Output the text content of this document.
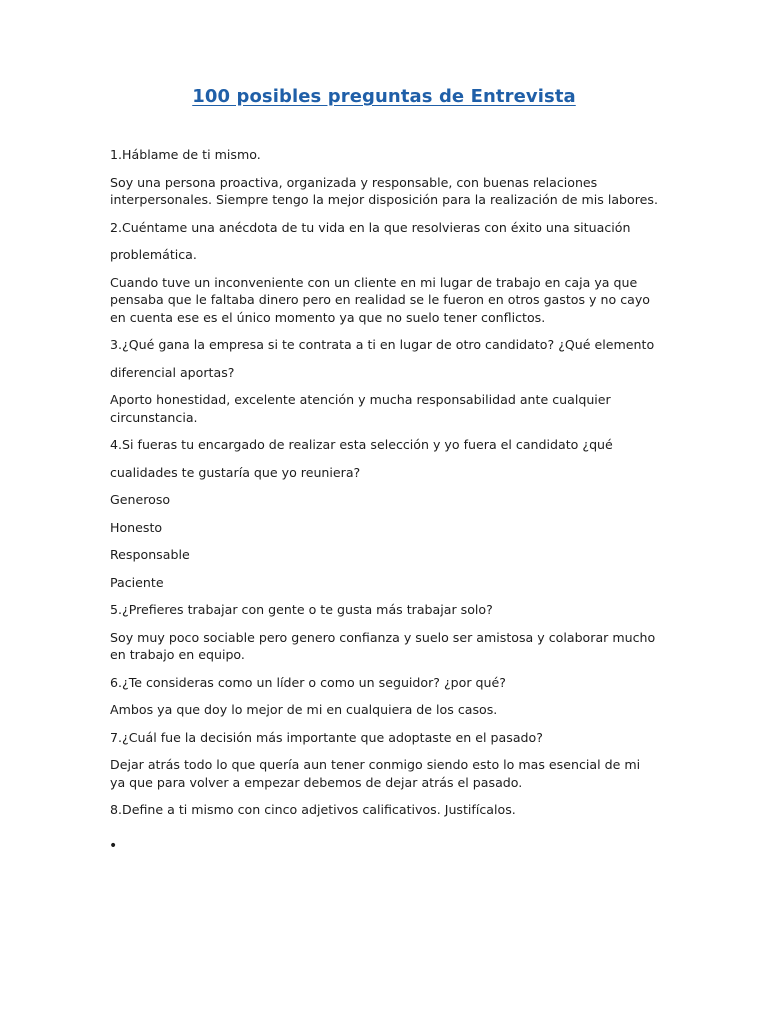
100 posibles preguntas de Entrevista

1.Háblame de ti mismo.

Soy una persona proactiva, organizada y responsable, con buenas relaciones interpersonales. Siempre tengo la mejor disposición para la realización de mis labores.

2.Cuéntame una anécdota de tu vida en la que resolvieras con éxito una situación

problemática.

Cuando tuve un inconveniente con un cliente en mi lugar de trabajo en caja ya que pensaba que le faltaba dinero pero en realidad se le fueron en otros gastos y no cayo en cuenta ese es el único momento ya que no suelo tener conflictos.

3.¿Qué gana la empresa si te contrata a ti en lugar de otro candidato? ¿Qué elemento

diferencial aportas?

Aporto honestidad, excelente atención y mucha responsabilidad ante cualquier circunstancia.

4.Si fueras tu encargado de realizar esta selección y yo fuera el candidato ¿qué

cualidades te gustaría que yo reuniera?

Generoso

Honesto

Responsable

Paciente

5.¿Prefieres trabajar con gente o te gusta más trabajar solo?

Soy muy poco sociable pero genero confianza y suelo ser amistosa y colaborar mucho en trabajo en equipo.

6.¿Te consideras como un líder o como un seguidor? ¿por qué?

Ambos ya que doy lo mejor de mi en cualquiera de los casos.

7.¿Cuál fue la decisión más importante que adoptaste en el pasado?

Dejar atrás todo lo que quería aun tener conmigo siendo esto lo mas esencial de mi ya que para volver a empezar debemos de dejar atrás el pasado.

8.Define a ti mismo con cinco adjetivos calificativos. Justifícalos.

•
